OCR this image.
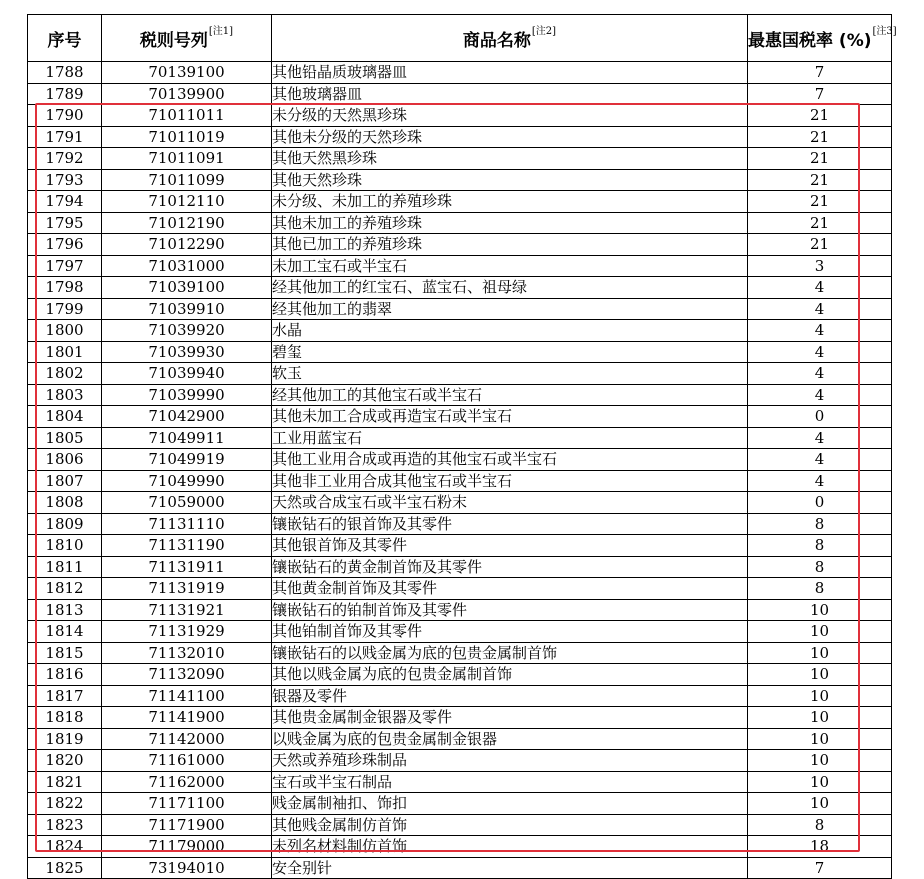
序号	税则号列[注1]	商品名称[注2]	最惠国税率 (%)[注3]
1788	70139100	其他铅晶质玻璃器皿	7
1789	70139900	其他玻璃器皿	7
1790	71011011	未分级的天然黑珍珠	21
1791	71011019	其他未分级的天然珍珠	21
1792	71011091	其他天然黑珍珠	21
1793	71011099	其他天然珍珠	21
1794	71012110	未分级、未加工的养殖珍珠	21
1795	71012190	其他未加工的养殖珍珠	21
1796	71012290	其他已加工的养殖珍珠	21
1797	71031000	未加工宝石或半宝石	3
1798	71039100	经其他加工的红宝石、蓝宝石、祖母绿	4
1799	71039910	经其他加工的翡翠	4
1800	71039920	水晶	4
1801	71039930	碧玺	4
1802	71039940	软玉	4
1803	71039990	经其他加工的其他宝石或半宝石	4
1804	71042900	其他未加工合成或再造宝石或半宝石	0
1805	71049911	工业用蓝宝石	4
1806	71049919	其他工业用合成或再造的其他宝石或半宝石	4
1807	71049990	其他非工业用合成其他宝石或半宝石	4
1808	71059000	天然或合成宝石或半宝石粉末	0
1809	71131110	镶嵌钻石的银首饰及其零件	8
1810	71131190	其他银首饰及其零件	8
1811	71131911	镶嵌钻石的黄金制首饰及其零件	8
1812	71131919	其他黄金制首饰及其零件	8
1813	71131921	镶嵌钻石的铂制首饰及其零件	10
1814	71131929	其他铂制首饰及其零件	10
1815	71132010	镶嵌钻石的以贱金属为底的包贵金属制首饰	10
1816	71132090	其他以贱金属为底的包贵金属制首饰	10
1817	71141100	银器及零件	10
1818	71141900	其他贵金属制金银器及零件	10
1819	71142000	以贱金属为底的包贵金属制金银器	10
1820	71161000	天然或养殖珍珠制品	10
1821	71162000	宝石或半宝石制品	10
1822	71171100	贱金属制袖扣、饰扣	10
1823	71171900	其他贱金属制仿首饰	8
1824	71179000	未列名材料制仿首饰	18
1825	73194010	安全别针	7
